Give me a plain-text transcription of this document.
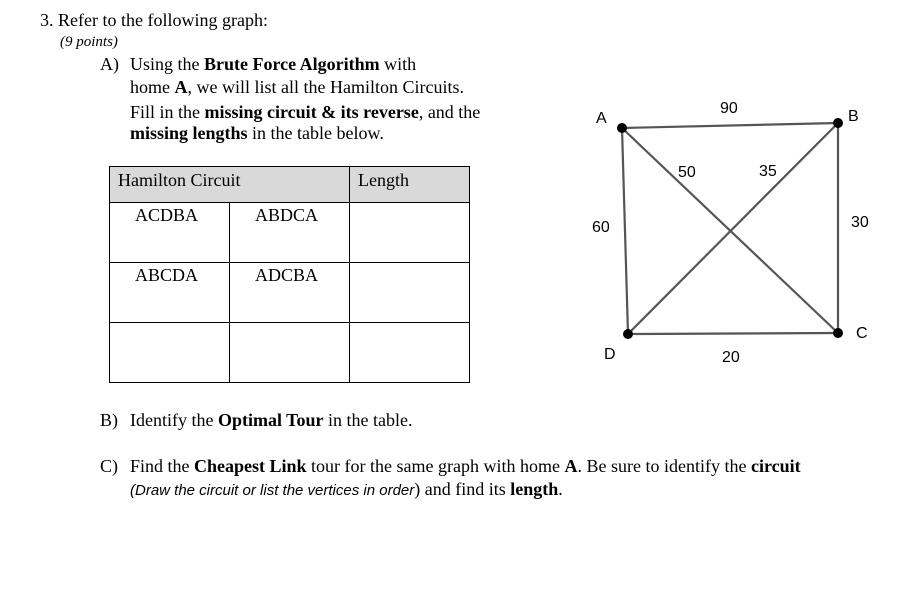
3. Refer to the following graph:
(9 points)
A) Using the Brute Force Algorithm with
home A, we will list all the Hamilton Circuits.
Fill in the missing circuit & its reverse, and the
missing lengths in the table below.
Hamilton Circuit		Length
ACDBA	ABDCA	
ABCDA	ADCBA	

A	B
C
D
90
30
20
60
50	35
B) Identify the Optimal Tour in the table.
C) Find the Cheapest Link tour for the same graph with home A. Be sure to identify the circuit
(Draw the circuit or list the vertices in order) and find its length.
